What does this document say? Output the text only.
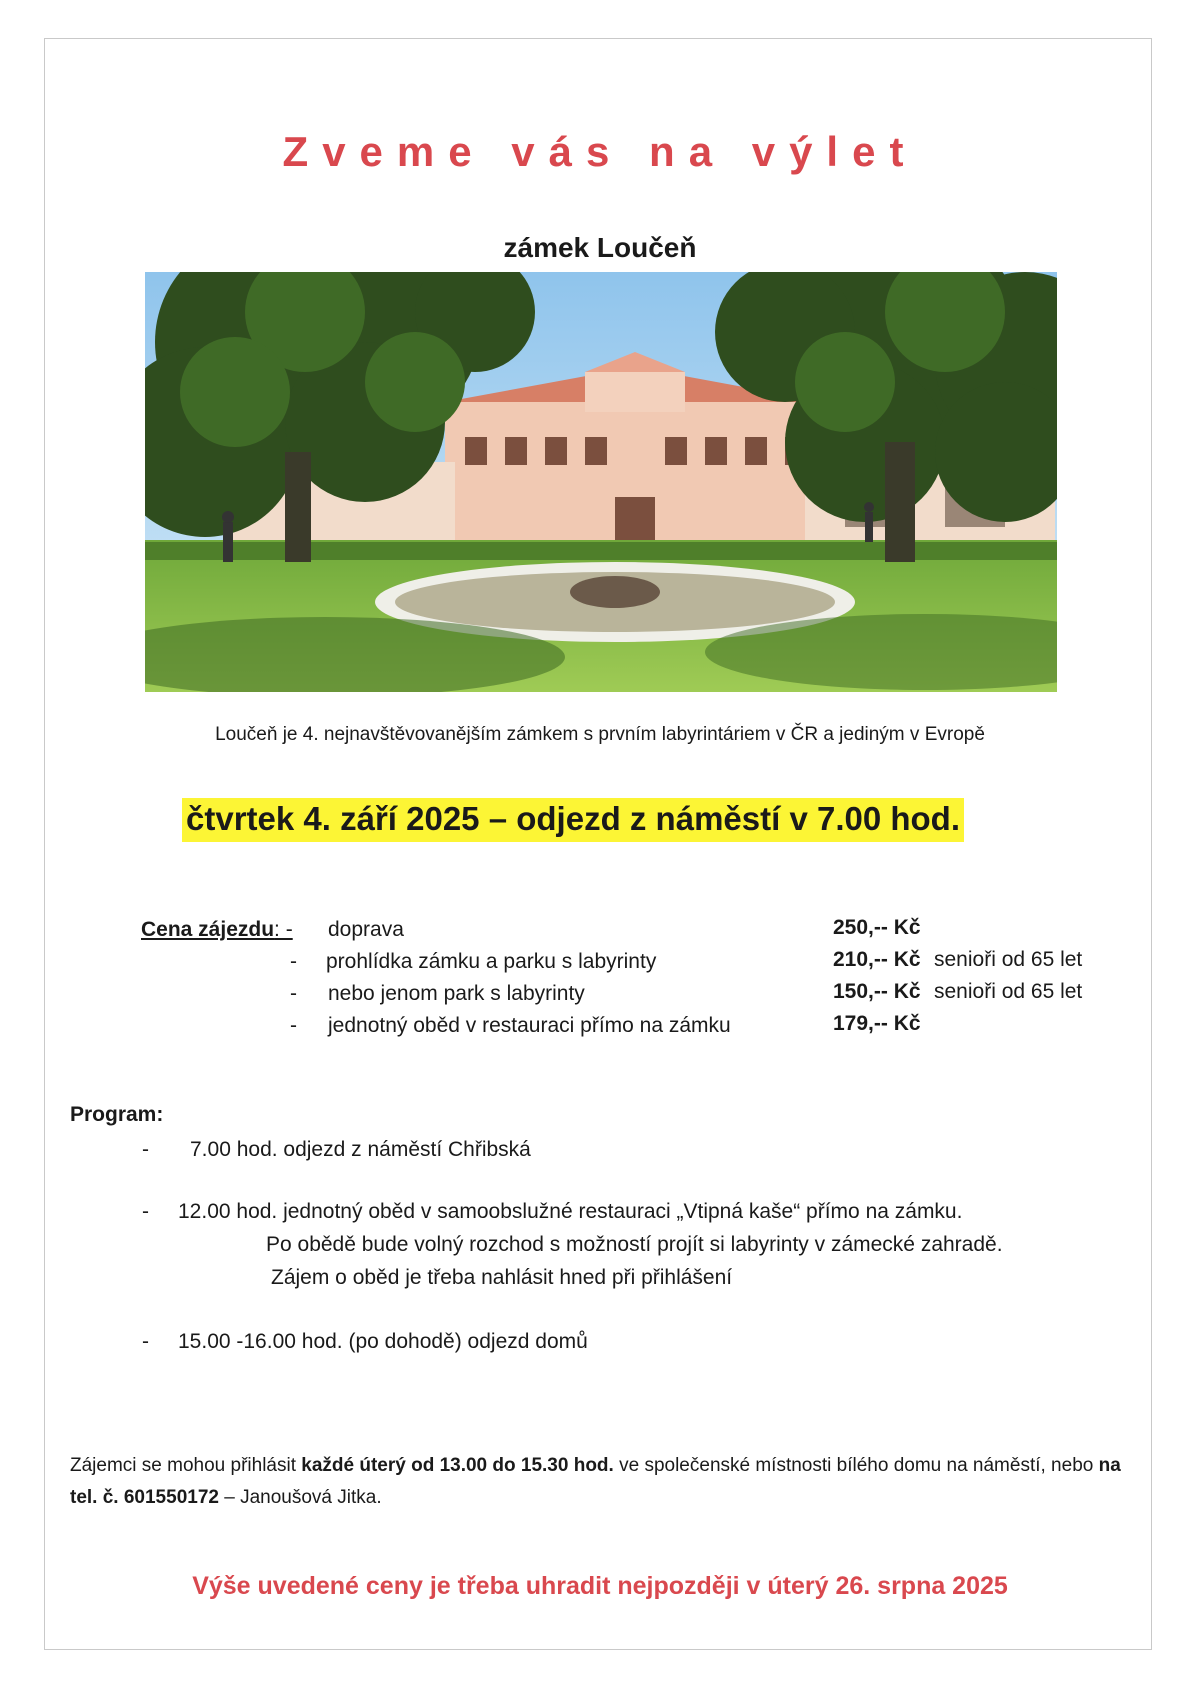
Zveme vás na výlet
zámek Loučeň
Loučeň je 4. nejnavštěvovanějším zámkem s prvním labyrintáriem v ČR a jediným v Evropě
čtvrtek 4. září 2025 – odjezd z náměstí v 7.00 hod.
Cena zájezdu: - doprava	250,-- Kč
- prohlídka zámku a parku s labyrinty	210,-- Kč senioři od 65 let
- nebo jenom park s labyrinty	150,-- Kč senioři od 65 let
- jednotný oběd v restauraci přímo na zámku	179,-- Kč
Program:
- 7.00 hod. odjezd z náměstí Chřibská
- 12.00 hod. jednotný oběd v samoobslužné restauraci „Vtipná kaše“ přímo na zámku.
Po obědě bude volný rozchod s možností projít si labyrinty v zámecké zahradě.
Zájem o oběd je třeba nahlásit hned při přihlášení
- 15.00 -16.00 hod. (po dohodě) odjezd domů
Zájemci se mohou přihlásit každé úterý od 13.00 do 15.30 hod. ve společenské místnosti bílého domu na náměstí, nebo na tel. č. 601550172 – Janoušová Jitka.
Výše uvedené ceny je třeba uhradit nejpozději v úterý 26. srpna 2025
